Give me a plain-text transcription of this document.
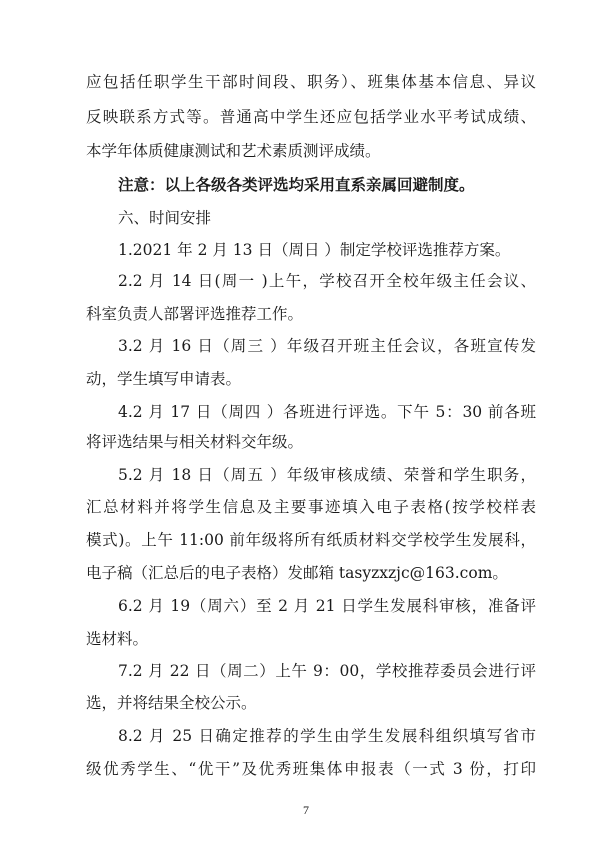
应包括任职学生干部时间段、职务）、班集体基本信息、异议
反映联系方式等。普通高中学生还应包括学业水平考试成绩、
本学年体质健康测试和艺术素质测评成绩。
注意：以上各级各类评选均采用直系亲属回避制度。
六、时间安排
1.2021 年 2 月 13 日（周日 ）制定学校评选推荐方案。
2.2 月 14 日(周一 )上午，学校召开全校年级主任会议、
科室负责人部署评选推荐工作。
3.2 月 16 日（周三 ）年级召开班主任会议，各班宣传发
动，学生填写申请表。
4.2 月 17 日（周四 ）各班进行评选。下午 5：30 前各班
将评选结果与相关材料交年级。
5.2 月 18 日（周五 ）年级审核成绩、荣誉和学生职务，
汇总材料并将学生信息及主要事迹填入电子表格(按学校样表
模式)。上午 11:00 前年级将所有纸质材料交学校学生发展科，
电子稿（汇总后的电子表格）发邮箱 tasyzxzjc@163.com。
6.2 月 19（周六）至 2 月 21 日学生发展科审核，准备评
选材料。
7.2 月 22 日（周二）上午 9：00，学校推荐委员会进行评
选，并将结果全校公示。
8.2 月 25 日确定推荐的学生由学生发展科组织填写省市
级优秀学生、“优干”及优秀班集体申报表（一式 3 份，打印
7
